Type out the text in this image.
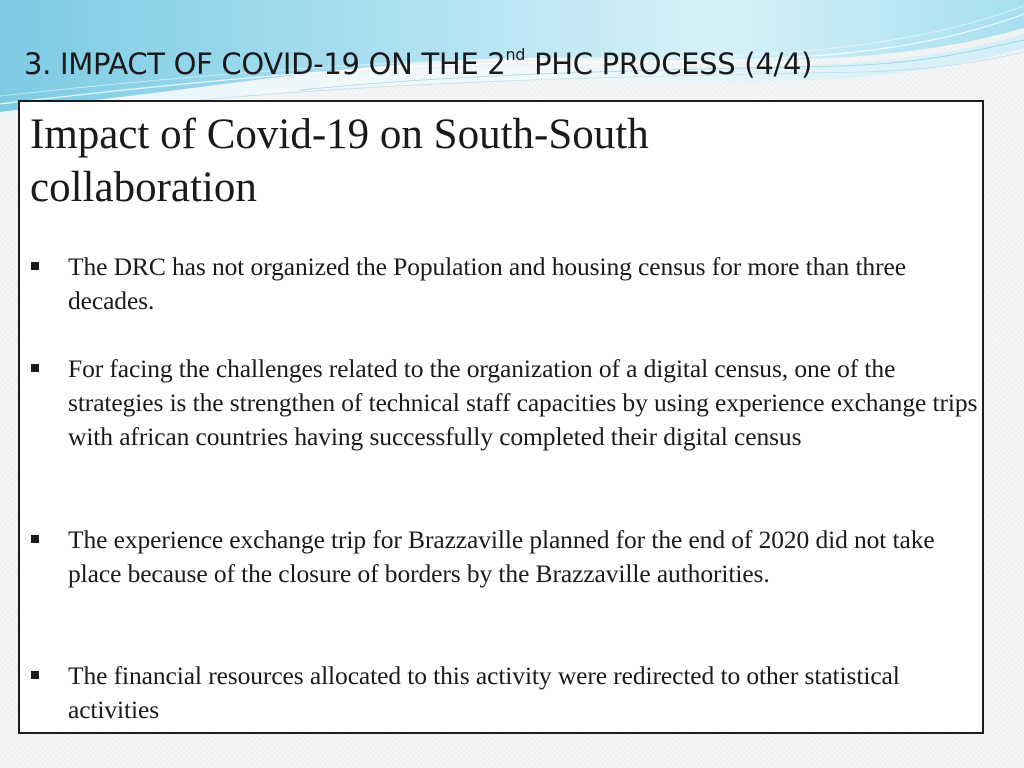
3. IMPACT OF COVID-19 ON THE 2nd PHC PROCESS (4/4)
Impact of Covid-19 on South-South collaboration
The DRC has not organized the Population and housing census for more than three decades.
For facing the challenges related to the organization of a digital census, one of the strategies is the strengthen of technical staff capacities by using experience exchange trips with african countries having successfully completed their digital census
The experience exchange trip for Brazzaville planned for the end of 2020 did not take place because of the closure of borders by the Brazzaville authorities.
The financial resources allocated to this activity were redirected to other statistical activities
